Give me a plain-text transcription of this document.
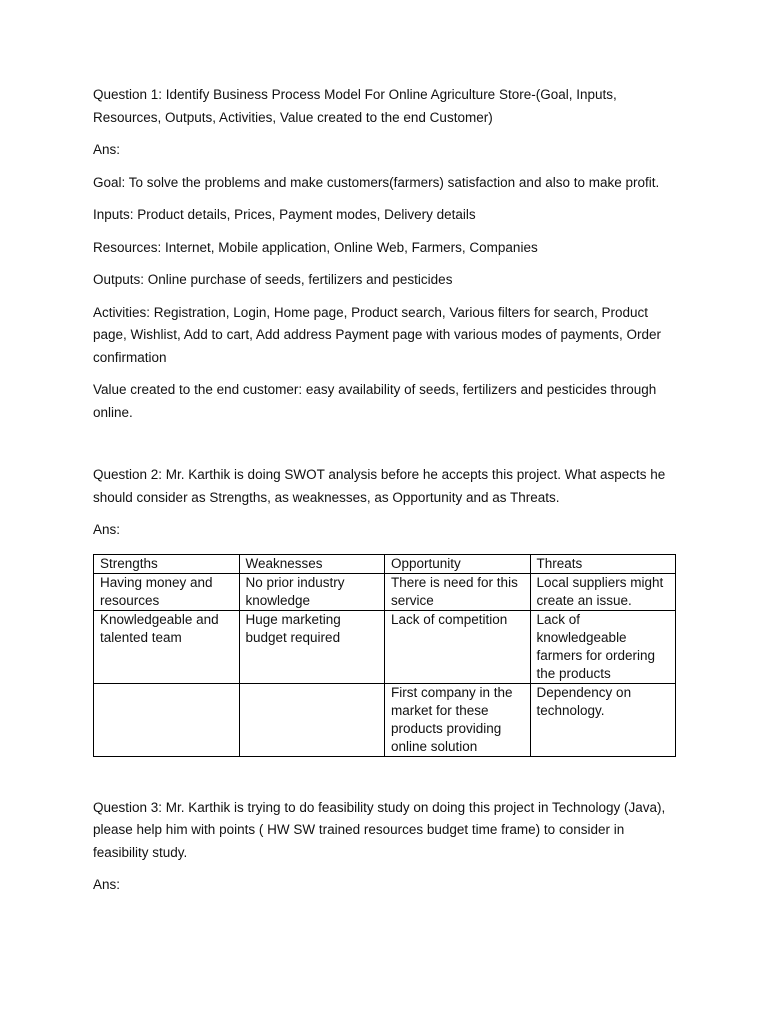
Question 1: Identify Business Process Model For Online Agriculture Store-(Goal, Inputs, Resources, Outputs, Activities, Value created to the end Customer)

Ans:

Goal: To solve the problems and make customers(farmers) satisfaction and also to make profit.

Inputs: Product details, Prices, Payment modes, Delivery details

Resources: Internet, Mobile application, Online Web, Farmers, Companies

Outputs: Online purchase of seeds, fertilizers and pesticides

Activities: Registration, Login, Home page, Product search, Various filters for search, Product page, Wishlist, Add to cart, Add address Payment page with various modes of payments, Order confirmation

Value created to the end customer: easy availability of seeds, fertilizers and pesticides through online.

Question 2: Mr. Karthik is doing SWOT analysis before he accepts this project. What aspects he should consider as Strengths, as weaknesses, as Opportunity and as Threats.

Ans:

Strengths	Weaknesses	Opportunity	Threats
Having money and resources	No prior industry knowledge	There is need for this service	Local suppliers might create an issue.
Knowledgeable and talented team	Huge marketing budget required	Lack of competition	Lack of knowledgeable farmers for ordering the products
		First company in the market for these products providing online solution	Dependency on technology.

Question 3: Mr. Karthik is trying to do feasibility study on doing this project in Technology (Java), please help him with points ( HW SW trained resources budget time frame) to consider in feasibility study.

Ans:
